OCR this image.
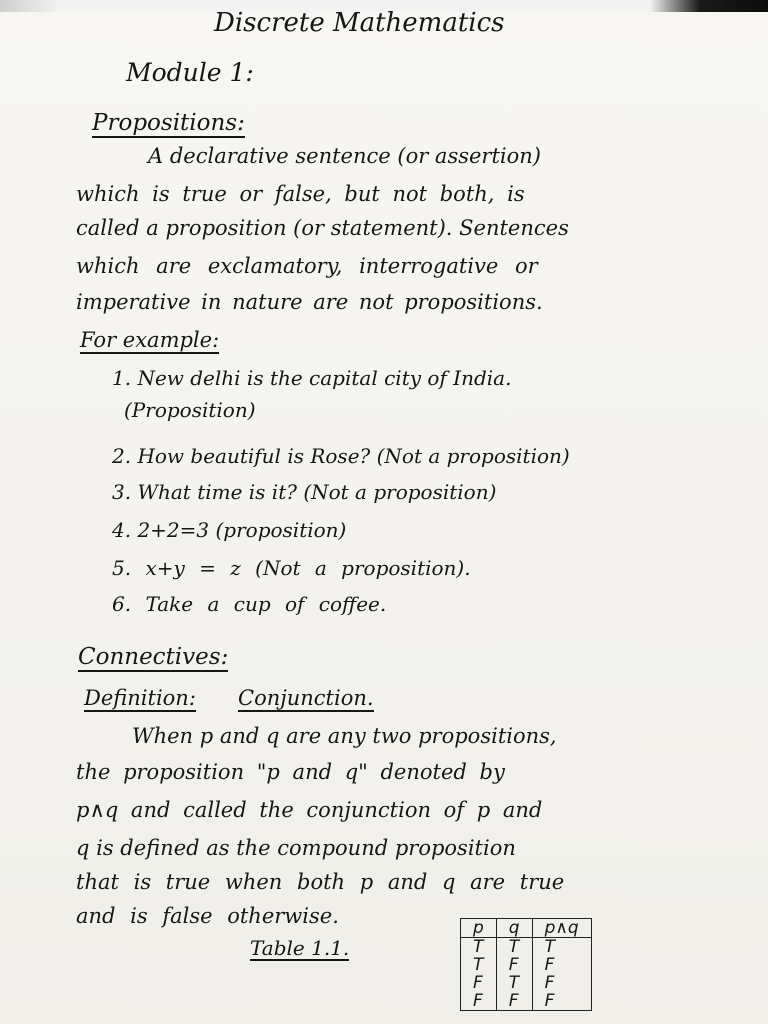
Discrete Mathematics
Module 1:
Propositions:
A declarative sentence (or assertion)
which is true or false, but not both, is
called a proposition (or statement). Sentences
which are exclamatory, interrogative or
imperative in nature are not propositions.
For example:
1. New delhi is the capital city of India.
(Proposition)
2. How beautiful is Rose? (Not a proposition)
3. What time is it? (Not a proposition)
4. 2+2=3 (proposition)
5. x+y = z (Not a proposition).
6. Take a cup of coffee.
Connectives:
Definition: Conjunction.
When p and q are any two propositions,
the proposition "p and q" denoted by
p∧q and called the conjunction of p and
q is defined as the compound proposition
that is true when both p and q are true
and is false otherwise.
Table 1.1.
p	q	p∧q
T	T	T
T	F	F
F	T	F
F	F	F
